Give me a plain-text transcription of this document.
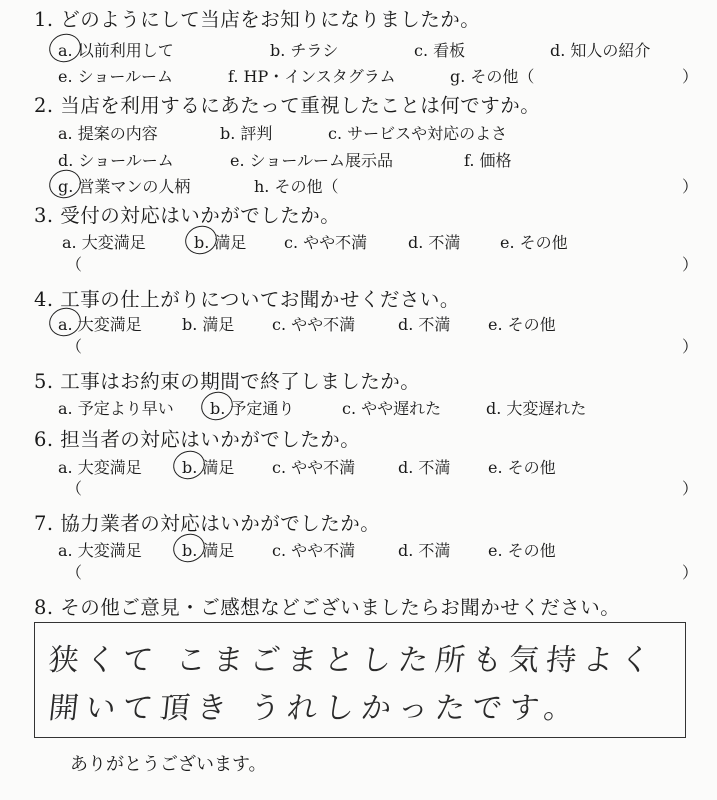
1. どのようにして当店をお知りになりましたか。
a. 以前利用して	b. チラシ	c. 看板	d. 知人の紹介
e. ショールーム	f. HP・インスタグラム	g. その他（	）
2. 当店を利用するにあたって重視したことは何ですか。
a. 提案の内容	b. 評判	c. サービスや対応のよさ
d. ショールーム	e. ショールーム展示品	f. 価格
g. 営業マンの人柄	h. その他（	）
3. 受付の対応はいかがでしたか。
a. 大変満足	b. 満足 c. やや不満	d. 不満 e. その他
（	）
4. 工事の仕上がりについてお聞かせください。
a. 大変満足	b. 満足 c. やや不満	d. 不満 e. その他
（	）
5. 工事はお約束の期間で終了しましたか。
a. 予定より早い b. 予定通り	c. やや遅れた	d. 大変遅れた
6. 担当者の対応はいかがでしたか。
a. 大変満足	b. 満足 c. やや不満	d. 不満 e. その他
（	）
7. 協力業者の対応はいかがでしたか。
a. 大変満足	b. 満足 c. やや不満	d. 不満 e. その他
（	）
8. その他ご意見・ご感想などございましたらお聞かせください。
狭くて こまごまとした所も気持よく
開いて頂き うれしかったです。
ありがとうございます。
